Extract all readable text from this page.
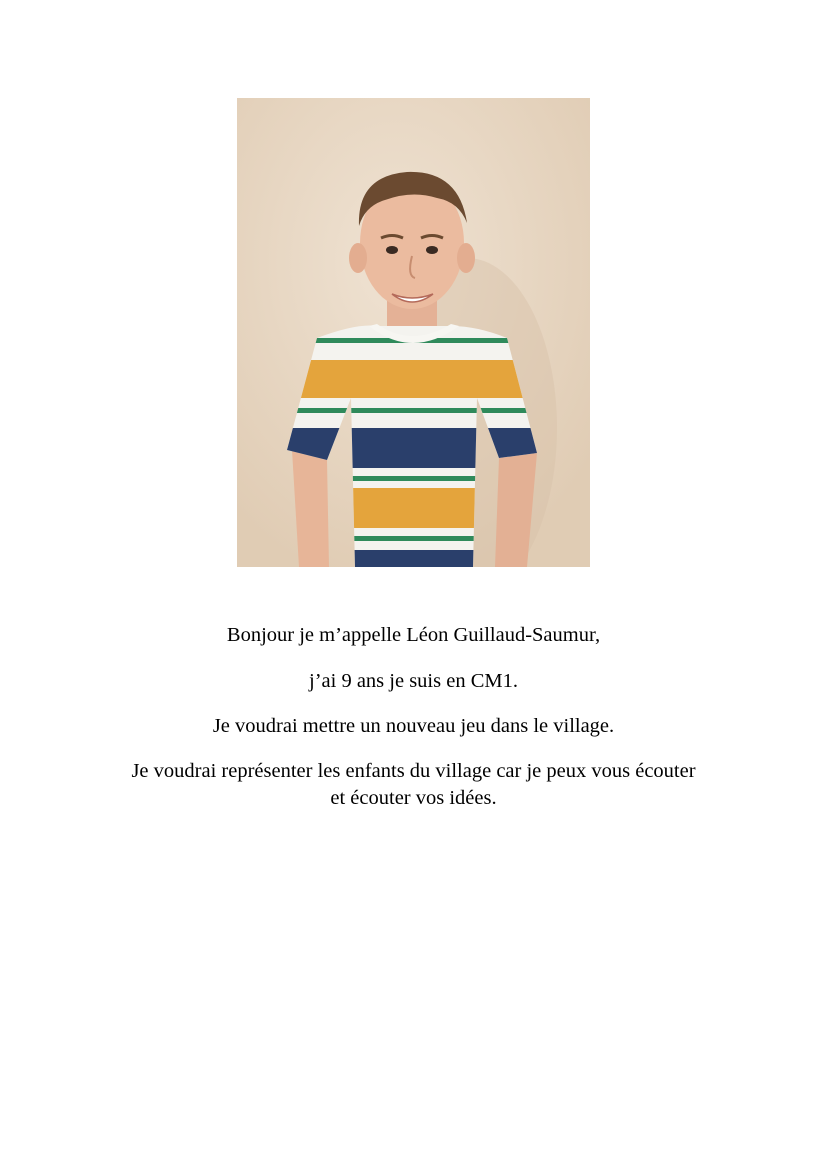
Bonjour je m’appelle Léon Guillaud-Saumur,

j’ai 9 ans je suis en CM1.

Je voudrai mettre un nouveau jeu dans le village.

Je voudrai représenter les enfants du village car je peux vous écouter
et écouter vos idées.
